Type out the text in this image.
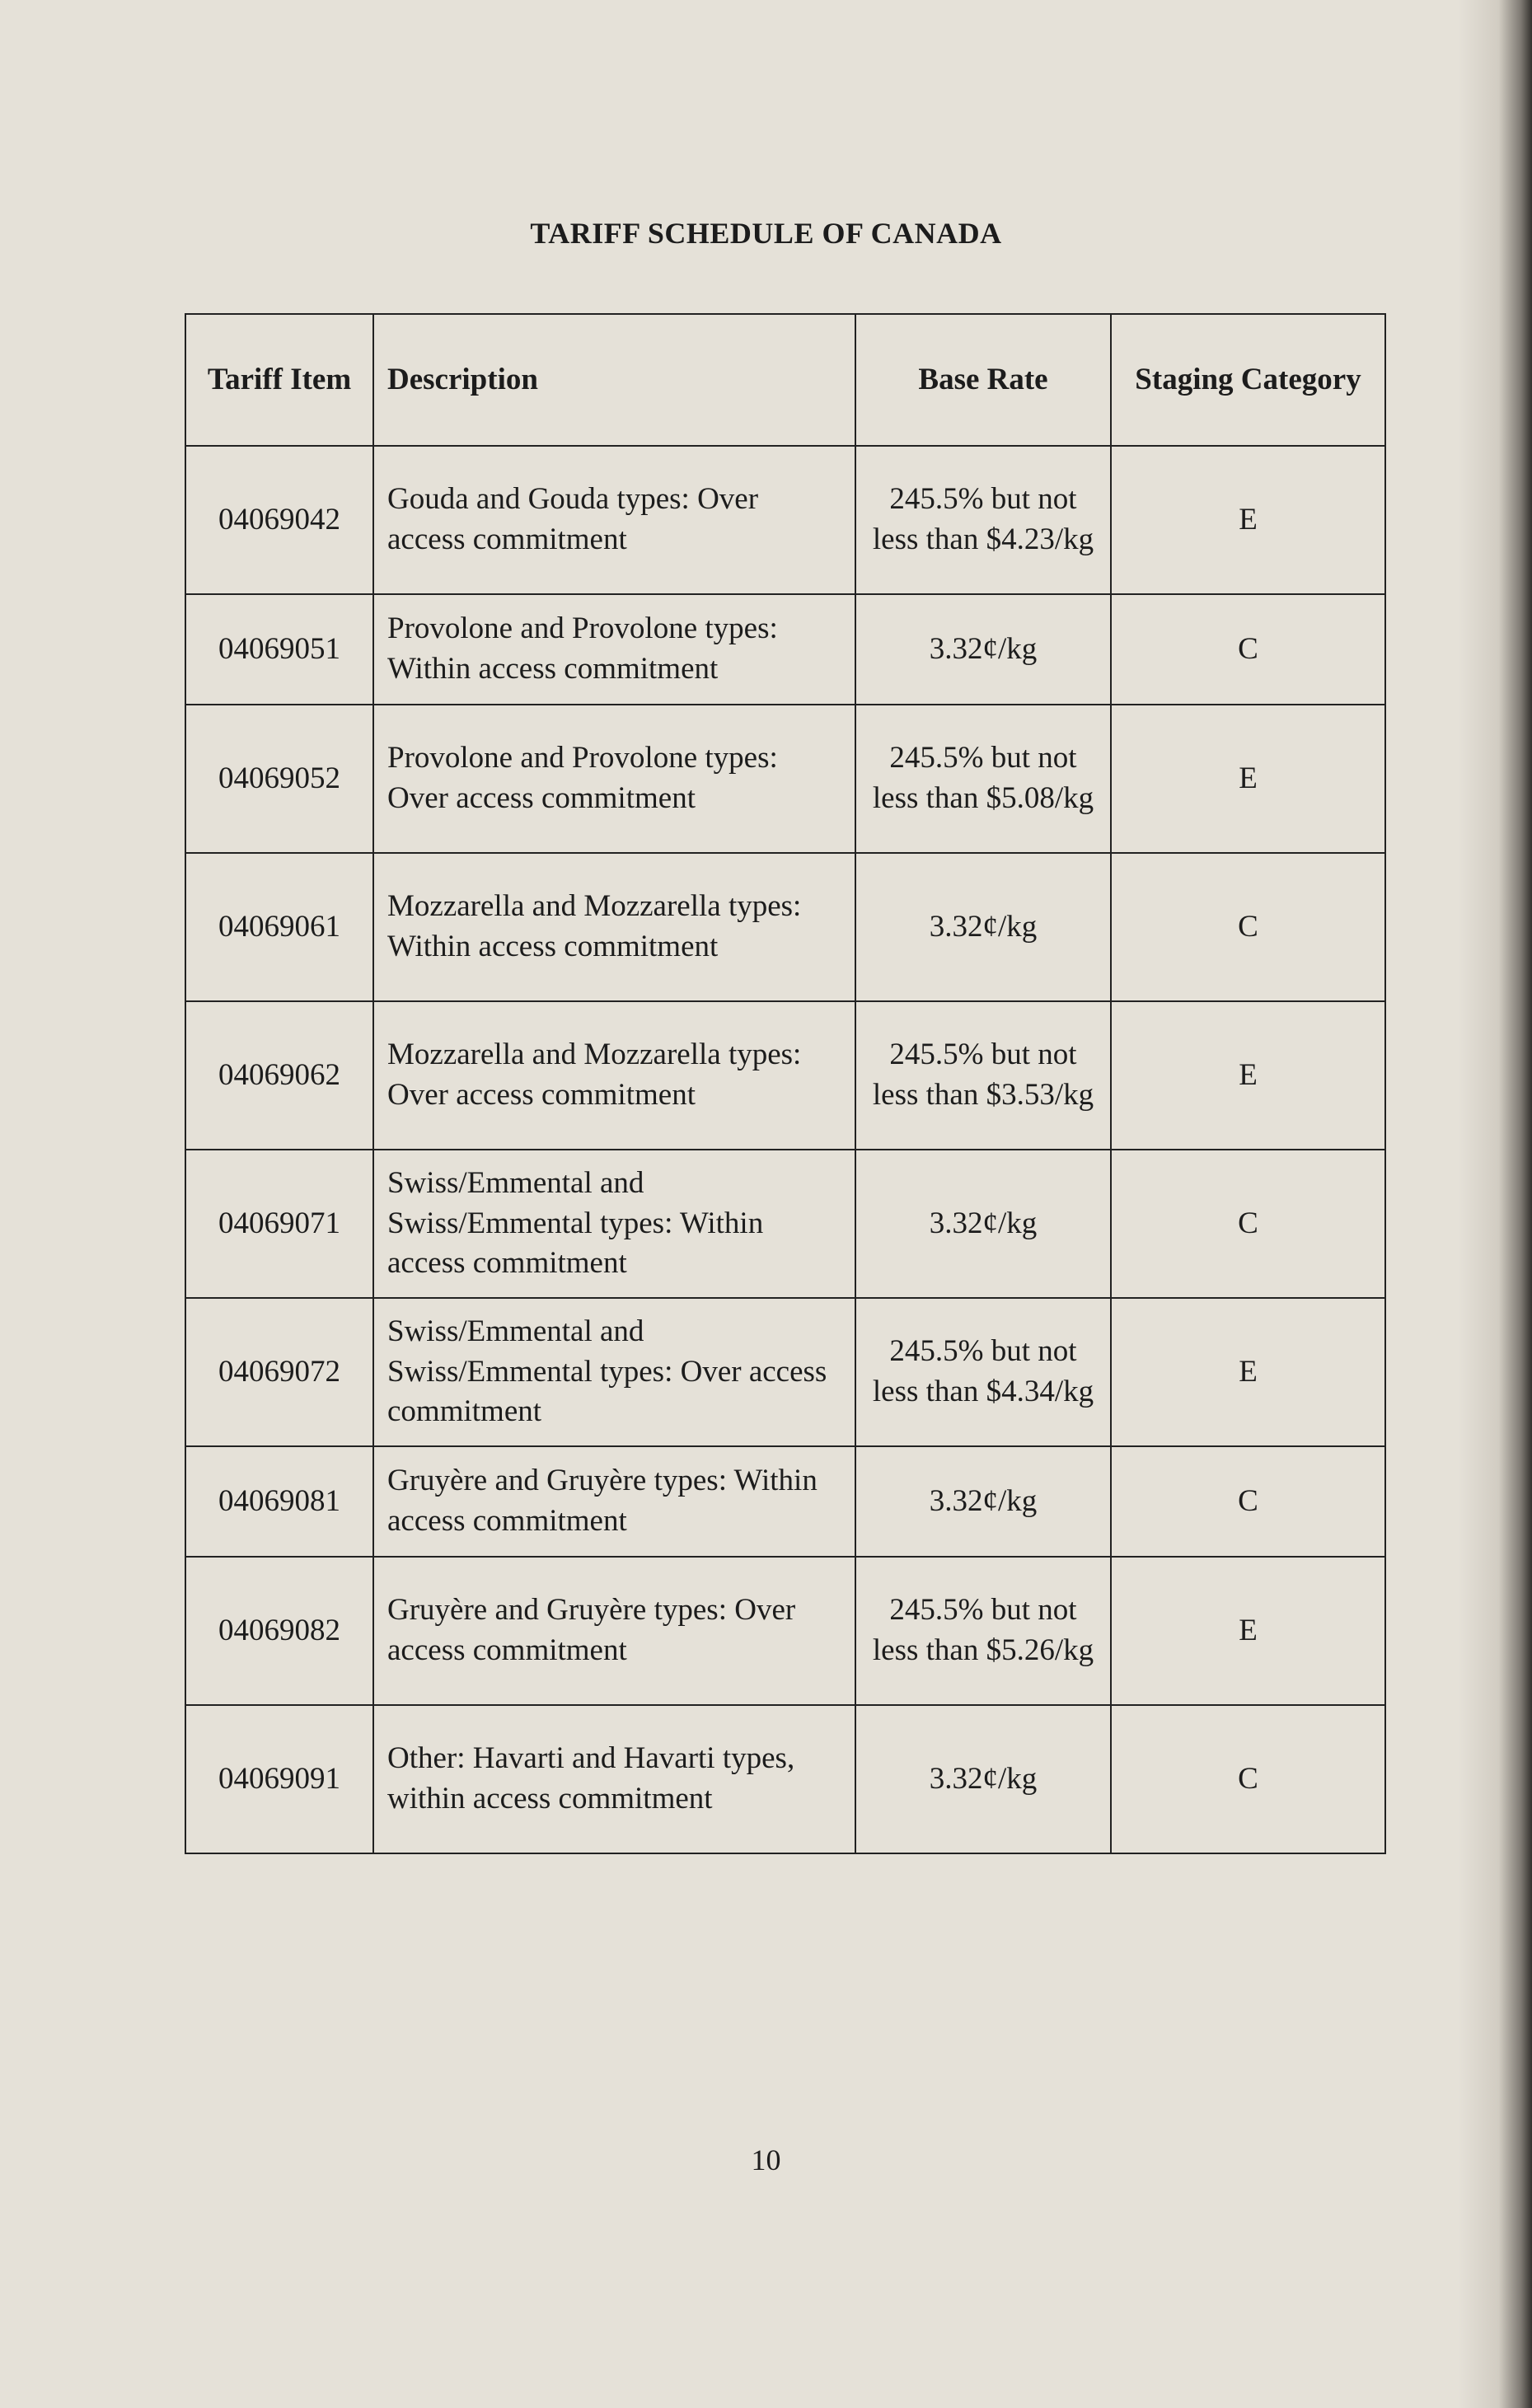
TARIFF SCHEDULE OF CANADA
Tariff Item	Description	Base Rate	Staging Category
04069042	Gouda and Gouda types: Over access commitment	245.5% but not less than $4.23/kg	E
04069051	Provolone and Provolone types: Within access commitment	3.32¢/kg	C
04069052	Provolone and Provolone types: Over access commitment	245.5% but not less than $5.08/kg	E
04069061	Mozzarella and Mozzarella types: Within access commitment	3.32¢/kg	C
04069062	Mozzarella and Mozzarella types: Over access commitment	245.5% but not less than $3.53/kg	E
04069071	Swiss/Emmental and Swiss/Emmental types: Within access commitment	3.32¢/kg	C
04069072	Swiss/Emmental and Swiss/Emmental types: Over access commitment	245.5% but not less than $4.34/kg	E
04069081	Gruyère and Gruyère types: Within access commitment	3.32¢/kg	C
04069082	Gruyère and Gruyère types: Over access commitment	245.5% but not less than $5.26/kg	E
04069091	Other: Havarti and Havarti types, within access commitment	3.32¢/kg	C
10
